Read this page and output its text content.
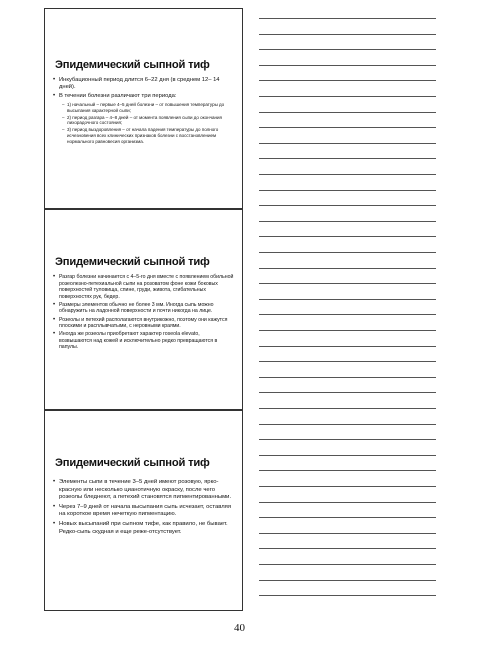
Эпидемический сыпной тиф
• Инкубационный период длится 6–22 дня (в среднем 12– 14 дней).
• В течении болезни различают три периода:
– 1) начальный – первые 4–5 дней болезни – от повышения температуры до высыпания характерной сыпи;
– 2) период разгара – 4–8 дней – от момента появления сыпи до окончания лихорадочного состояния;
– 3) период выздоровления – от начала падения температуры до полного исчезновения всех клинических признаков болезни с восстановлением нормального равновесия организма.
Эпидемический сыпной тиф
• Разгар болезни начинается с 4–5-го дня вместе с появлением обильной розеолезно-петехиальной сыпи на розоватом фоне кожи боковых поверхностей туловища, спине, груди, живота, сгибательных поверхностях рук, бедер.
• Размеры элементов обычно не более 3 мм. Иногда сыпь можно обнаружить на ладонной поверхности и почти никогда на лице.
• Розеолы и петехий располагаются внутрикожно, поэтому они кажутся плоскими и расплывчатыми, с неровными краями.
• Иногда же розеолы приобретают характер roseola elevato, возвышаются над кожей и исключительно редко превращаются в папулы.
Эпидемический сыпной тиф
• Элементы сыпи в течение 3–5 дней имеют розовую, ярко-красную или несколько цианотичную окраску, после чего розеолы бледнеют, а петехий становятся пигментированными.
• Через 7–9 дней от начала высыпания сыпь исчезает, оставляя на короткое время нечеткую пигментацию.
• Новых высыпаний при сыпном тифе, как правило, не бывает. Редко-сыпь скудная и еще реже-отсутствует.
40
